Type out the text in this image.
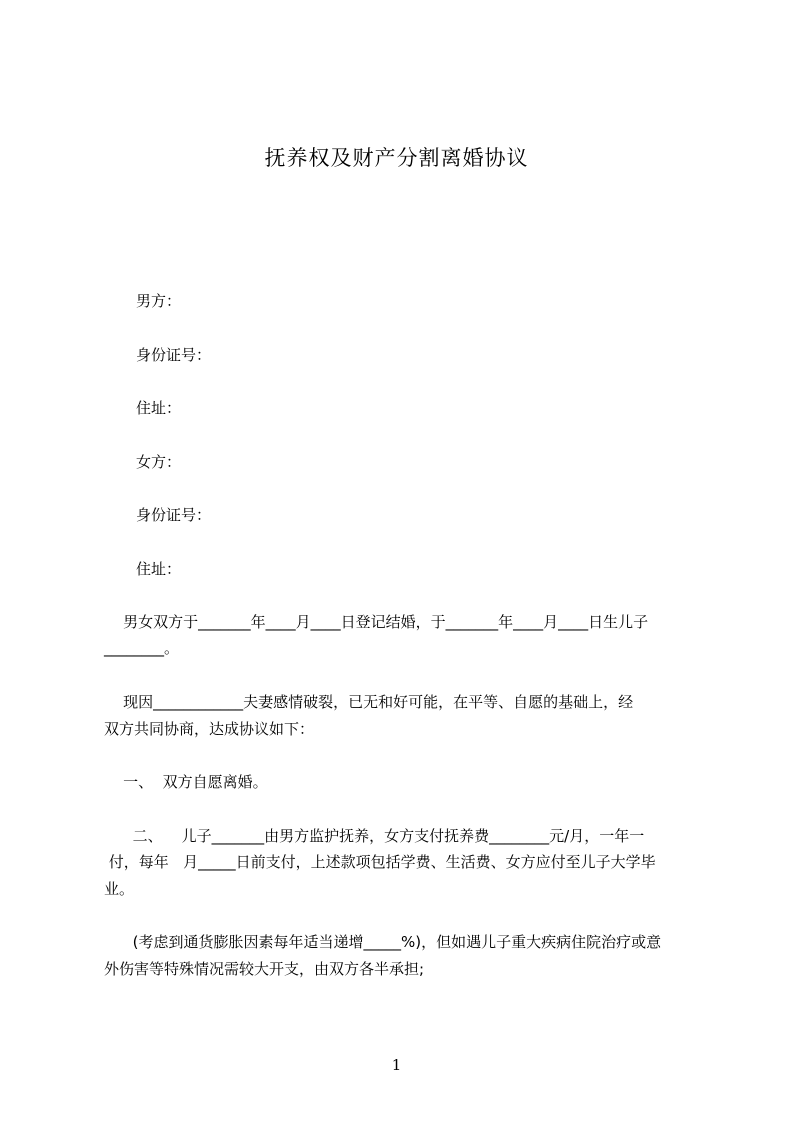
抚养权及财产分割离婚协议
男方：
身份证号：
住址：
女方：
身份证号：
住址：
男女双方于_______年____月____日登记结婚，于_______年____月____日生儿子
________。
现因____________夫妻感情破裂，已无和好可能，在平等、自愿的基础上，经
双方共同协商，达成协议如下：
一、  双方自愿离婚。
二、    儿子_______由男方监护抚养，女方支付抚养费________元/月，一年一
付，每年   月_____日前支付，上述款项包括学费、生活费、女方应付至儿子大学毕
业。
(考虑到通货膨胀因素每年适当递增_____%)，但如遇儿子重大疾病住院治疗或意
外伤害等特殊情况需较大开支，由双方各半承担;
1
